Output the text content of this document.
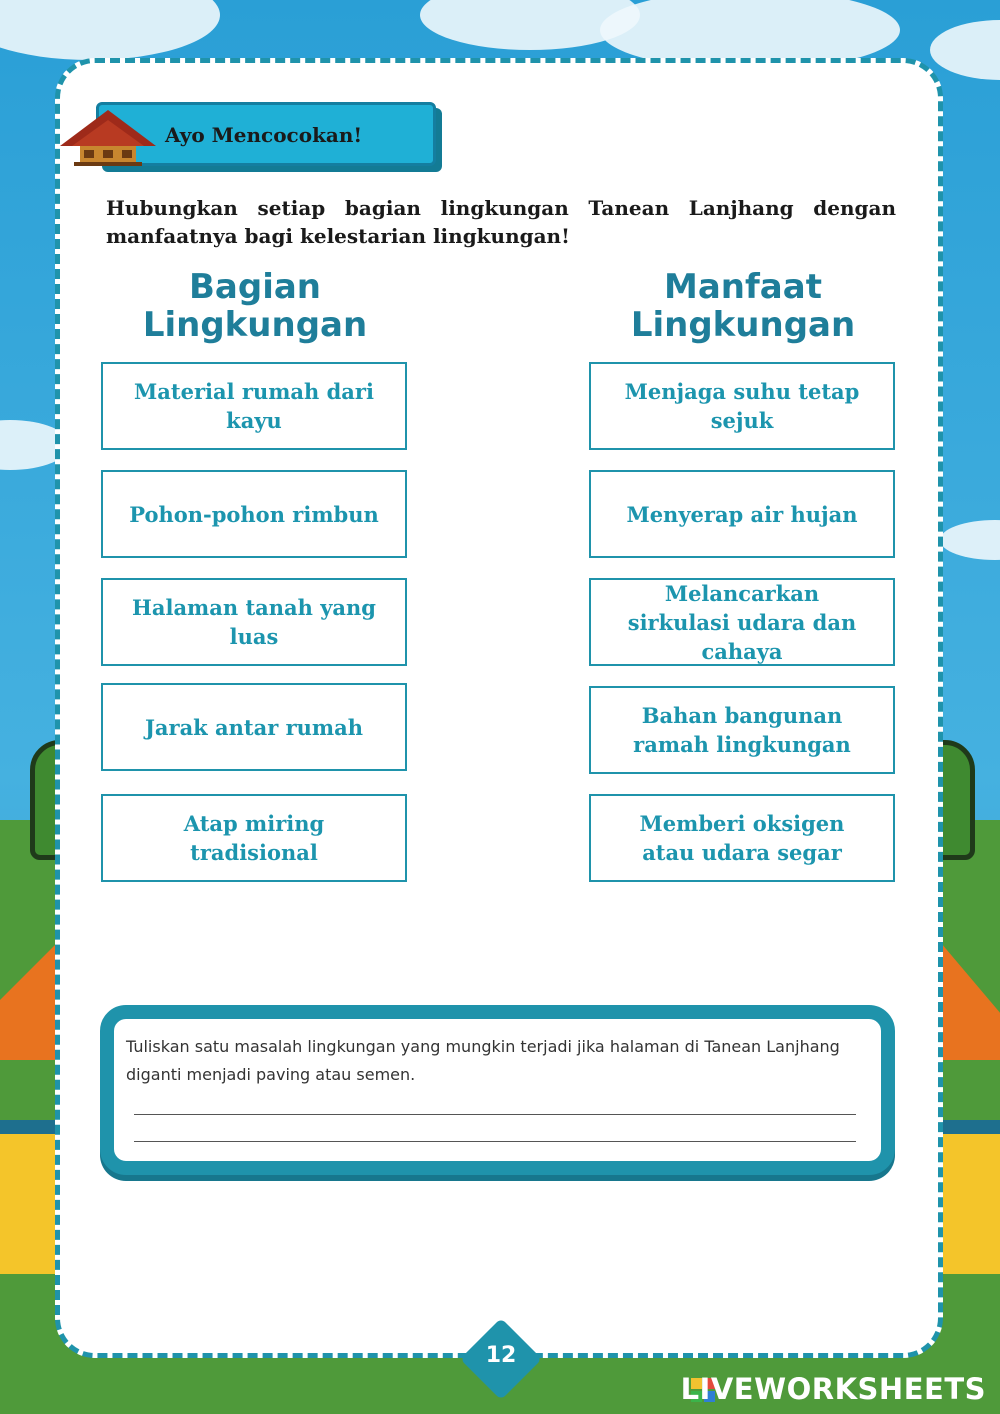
Ayo Mencocokan!
Hubungkan setiap bagian lingkungan Tanean Lanjhang dengan manfaatnya bagi kelestarian lingkungan!
Bagian Lingkungan
Manfaat Lingkungan
Material rumah dari kayu
Pohon-pohon rimbun
Halaman tanah yang luas
Jarak antar rumah
Atap miring tradisional
Menjaga suhu tetap sejuk
Menyerap air hujan
Melancarkan sirkulasi udara dan cahaya
Bahan bangunan ramah lingkungan
Memberi oksigen atau udara segar
Tuliskan satu masalah lingkungan yang mungkin terjadi jika halaman di Tanean Lanjhang diganti menjadi paving atau semen.
12
LIVEWORKSHEETS
